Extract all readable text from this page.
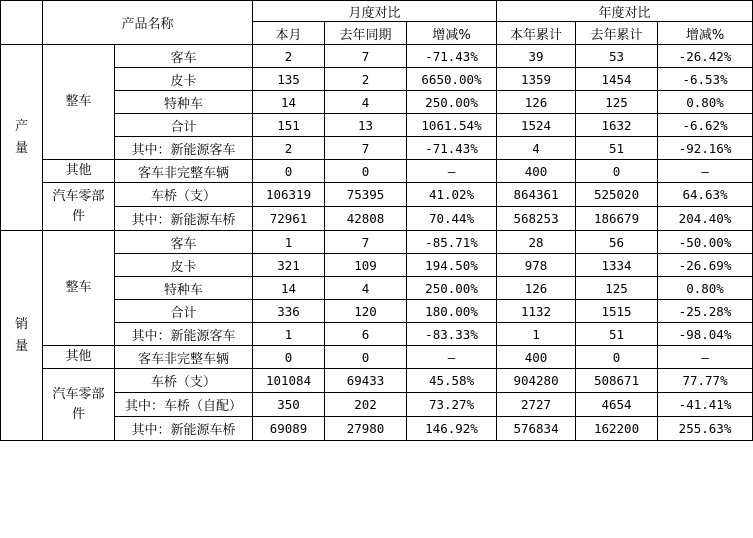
	产品名称		月度对比			年度对比		
			本月	去年同期	增减%	本年累计	去年累计	增减%
产量	整车	客车	2	7	-71.43%	39	53	-26.42%
		皮卡	135	2	6650.00%	1359	1454	-6.53%
		特种车	14	4	250.00%	126	125	0.80%
		合计	151	13	1061.54%	1524	1632	-6.62%
		其中：新能源客车	2	7	-71.43%	4	51	-92.16%
	其他	客车非完整车辆	0	0	—	400	0	—
	汽车零部件	车桥（支）	106319	75395	41.02%	864361	525020	64.63%
		其中：新能源车桥	72961	42808	70.44%	568253	186679	204.40%
销量	整车	客车	1	7	-85.71%	28	56	-50.00%
		皮卡	321	109	194.50%	978	1334	-26.69%
		特种车	14	4	250.00%	126	125	0.80%
		合计	336	120	180.00%	1132	1515	-25.28%
		其中：新能源客车	1	6	-83.33%	1	51	-98.04%
	其他	客车非完整车辆	0	0	—	400	0	—
	汽车零部件	车桥（支）	101084	69433	45.58%	904280	508671	77.77%
		其中：车桥（自配）	350	202	73.27%	2727	4654	-41.41%
		其中：新能源车桥	69089	27980	146.92%	576834	162200	255.63%
